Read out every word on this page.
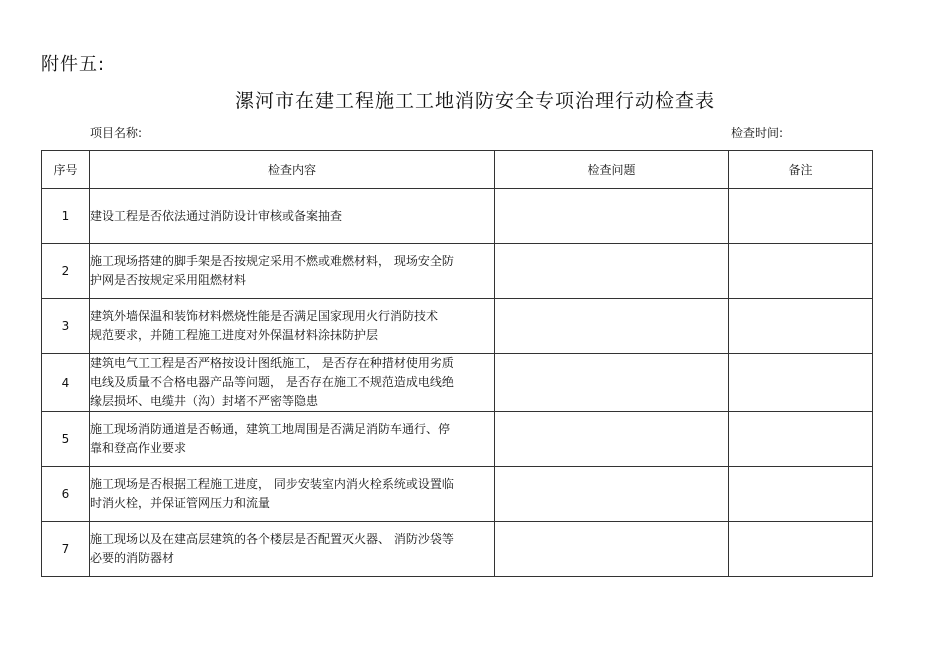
附件五:
漯河市在建工程施工工地消防安全专项治理行动检查表
项目名称:	检查时间:
序号	检查内容	检查问题	备注
1	建设工程是否依法通过消防设计审核或备案抽查		

2	施工现场搭建的脚手架是否按规定采用不燃或难燃材料， 现场安全防
护网是否按规定采用阻燃材料		

3	建筑外墙保温和装饰材料燃烧性能是否满足国家现用火行消防技术
规范要求，并随工程施工进度对外保温材料涂抹防护层		

4	建筑电气工工程是否严格按设计图纸施工， 是否存在种措材使用劣质
电线及质量不合格电器产品等问题， 是否存在施工不规范造成电线绝
缘层损坏、电缆井（沟）封堵不严密等隐患		

5	施工现场消防通道是否畅通，建筑工地周围是否满足消防车通行、停
靠和登高作业要求		

6	施工现场是否根据工程施工进度， 同步安装室内消火栓系统或设置临
时消火栓，并保证管网压力和流量		

7	施工现场以及在建高层建筑的各个楼层是否配置灭火器、 消防沙袋等
必要的消防器材		
